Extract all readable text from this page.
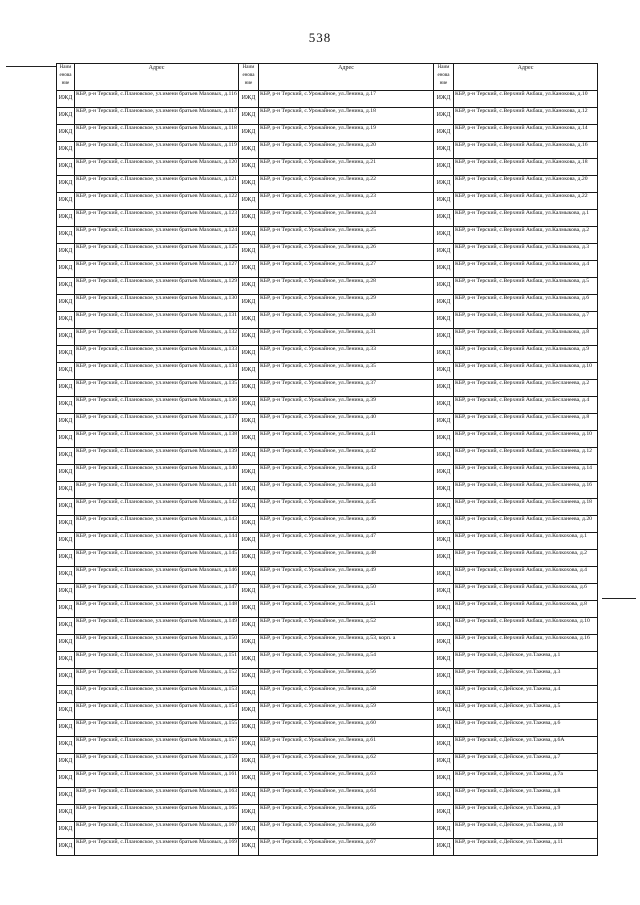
538
Наим енова ние	Адрес	Наим енова ние	Адрес	Наим енова ние	Адрес
ИЖД	КБР, р-н Терский, с.Плановское, ул.имени братьев Маховых, д.116	ИЖД	КБР, р-н Терский, с.Урожайное, ул.Ленина, д.17	ИЖД	КБР, р-н Терский, с.Верхний Акбаш, ул.Канокова, д.10
ИЖД	КБР, р-н Терский, с.Плановское, ул.имени братьев Маховых, д.117	ИЖД	КБР, р-н Терский, с.Урожайное, ул.Ленина, д.18	ИЖД	КБР, р-н Терский, с.Верхний Акбаш, ул.Канокова, д.12
ИЖД	КБР, р-н Терский, с.Плановское, ул.имени братьев Маховых, д.118	ИЖД	КБР, р-н Терский, с.Урожайное, ул.Ленина, д.19	ИЖД	КБР, р-н Терский, с.Верхний Акбаш, ул.Канокова, д.14
ИЖД	КБР, р-н Терский, с.Плановское, ул.имени братьев Маховых, д.119	ИЖД	КБР, р-н Терский, с.Урожайное, ул.Ленина, д.20	ИЖД	КБР, р-н Терский, с.Верхний Акбаш, ул.Канокова, д.16
ИЖД	КБР, р-н Терский, с.Плановское, ул.имени братьев Маховых, д.120	ИЖД	КБР, р-н Терский, с.Урожайное, ул.Ленина, д.21	ИЖД	КБР, р-н Терский, с.Верхний Акбаш, ул.Канокова, д.18
ИЖД	КБР, р-н Терский, с.Плановское, ул.имени братьев Маховых, д.121	ИЖД	КБР, р-н Терский, с.Урожайное, ул.Ленина, д.22	ИЖД	КБР, р-н Терский, с.Верхний Акбаш, ул.Канокова, д.20
ИЖД	КБР, р-н Терский, с.Плановское, ул.имени братьев Маховых, д.122	ИЖД	КБР, р-н Терский, с.Урожайное, ул.Ленина, д.23	ИЖД	КБР, р-н Терский, с.Верхний Акбаш, ул.Канокова, д.22
ИЖД	КБР, р-н Терский, с.Плановское, ул.имени братьев Маховых, д.123	ИЖД	КБР, р-н Терский, с.Урожайное, ул.Ленина, д.24	ИЖД	КБР, р-н Терский, с.Верхний Акбаш, ул.Калмыкова, д.1
ИЖД	КБР, р-н Терский, с.Плановское, ул.имени братьев Маховых, д.124	ИЖД	КБР, р-н Терский, с.Урожайное, ул.Ленина, д.25	ИЖД	КБР, р-н Терский, с.Верхний Акбаш, ул.Калмыкова, д.2
ИЖД	КБР, р-н Терский, с.Плановское, ул.имени братьев Маховых, д.125	ИЖД	КБР, р-н Терский, с.Урожайное, ул.Ленина, д.26	ИЖД	КБР, р-н Терский, с.Верхний Акбаш, ул.Калмыкова, д.3
ИЖД	КБР, р-н Терский, с.Плановское, ул.имени братьев Маховых, д.127	ИЖД	КБР, р-н Терский, с.Урожайное, ул.Ленина, д.27	ИЖД	КБР, р-н Терский, с.Верхний Акбаш, ул.Калмыкова, д.4
ИЖД	КБР, р-н Терский, с.Плановское, ул.имени братьев Маховых, д.129	ИЖД	КБР, р-н Терский, с.Урожайное, ул.Ленина, д.28	ИЖД	КБР, р-н Терский, с.Верхний Акбаш, ул.Калмыкова, д.5
ИЖД	КБР, р-н Терский, с.Плановское, ул.имени братьев Маховых, д.130	ИЖД	КБР, р-н Терский, с.Урожайное, ул.Ленина, д.29	ИЖД	КБР, р-н Терский, с.Верхний Акбаш, ул.Калмыкова, д.6
ИЖД	КБР, р-н Терский, с.Плановское, ул.имени братьев Маховых, д.131	ИЖД	КБР, р-н Терский, с.Урожайное, ул.Ленина, д.30	ИЖД	КБР, р-н Терский, с.Верхний Акбаш, ул.Калмыкова, д.7
ИЖД	КБР, р-н Терский, с.Плановское, ул.имени братьев Маховых, д.132	ИЖД	КБР, р-н Терский, с.Урожайное, ул.Ленина, д.31	ИЖД	КБР, р-н Терский, с.Верхний Акбаш, ул.Калмыкова, д.8
ИЖД	КБР, р-н Терский, с.Плановское, ул.имени братьев Маховых, д.133	ИЖД	КБР, р-н Терский, с.Урожайное, ул.Ленина, д.33	ИЖД	КБР, р-н Терский, с.Верхний Акбаш, ул.Калмыкова, д.9
ИЖД	КБР, р-н Терский, с.Плановское, ул.имени братьев Маховых, д.134	ИЖД	КБР, р-н Терский, с.Урожайное, ул.Ленина, д.35	ИЖД	КБР, р-н Терский, с.Верхний Акбаш, ул.Калмыкова, д.10
ИЖД	КБР, р-н Терский, с.Плановское, ул.имени братьев Маховых, д.135	ИЖД	КБР, р-н Терский, с.Урожайное, ул.Ленина, д.37	ИЖД	КБР, р-н Терский, с.Верхний Акбаш, ул.Бесланеева, д.2
ИЖД	КБР, р-н Терский, с.Плановское, ул.имени братьев Маховых, д.136	ИЖД	КБР, р-н Терский, с.Урожайное, ул.Ленина, д.39	ИЖД	КБР, р-н Терский, с.Верхний Акбаш, ул.Бесланеева, д.4
ИЖД	КБР, р-н Терский, с.Плановское, ул.имени братьев Маховых, д.137	ИЖД	КБР, р-н Терский, с.Урожайное, ул.Ленина, д.40	ИЖД	КБР, р-н Терский, с.Верхний Акбаш, ул.Бесланеева, д.8
ИЖД	КБР, р-н Терский, с.Плановское, ул.имени братьев Маховых, д.138	ИЖД	КБР, р-н Терский, с.Урожайное, ул.Ленина, д.41	ИЖД	КБР, р-н Терский, с.Верхний Акбаш, ул.Бесланеева, д.10
ИЖД	КБР, р-н Терский, с.Плановское, ул.имени братьев Маховых, д.139	ИЖД	КБР, р-н Терский, с.Урожайное, ул.Ленина, д.42	ИЖД	КБР, р-н Терский, с.Верхний Акбаш, ул.Бесланеева, д.12
ИЖД	КБР, р-н Терский, с.Плановское, ул.имени братьев Маховых, д.140	ИЖД	КБР, р-н Терский, с.Урожайное, ул.Ленина, д.43	ИЖД	КБР, р-н Терский, с.Верхний Акбаш, ул.Бесланеева, д.14
ИЖД	КБР, р-н Терский, с.Плановское, ул.имени братьев Маховых, д.141	ИЖД	КБР, р-н Терский, с.Урожайное, ул.Ленина, д.44	ИЖД	КБР, р-н Терский, с.Верхний Акбаш, ул.Бесланеева, д.16
ИЖД	КБР, р-н Терский, с.Плановское, ул.имени братьев Маховых, д.142	ИЖД	КБР, р-н Терский, с.Урожайное, ул.Ленина, д.45	ИЖД	КБР, р-н Терский, с.Верхний Акбаш, ул.Бесланеева, д.18
ИЖД	КБР, р-н Терский, с.Плановское, ул.имени братьев Маховых, д.143	ИЖД	КБР, р-н Терский, с.Урожайное, ул.Ленина, д.46	ИЖД	КБР, р-н Терский, с.Верхний Акбаш, ул.Бесланеева, д.20
ИЖД	КБР, р-н Терский, с.Плановское, ул.имени братьев Маховых, д.144	ИЖД	КБР, р-н Терский, с.Урожайное, ул.Ленина, д.47	ИЖД	КБР, р-н Терский, с.Верхний Акбаш, ул.Колкохова, д.1
ИЖД	КБР, р-н Терский, с.Плановское, ул.имени братьев Маховых, д.145	ИЖД	КБР, р-н Терский, с.Урожайное, ул.Ленина, д.48	ИЖД	КБР, р-н Терский, с.Верхний Акбаш, ул.Колкохова, д.2
ИЖД	КБР, р-н Терский, с.Плановское, ул.имени братьев Маховых, д.146	ИЖД	КБР, р-н Терский, с.Урожайное, ул.Ленина, д.49	ИЖД	КБР, р-н Терский, с.Верхний Акбаш, ул.Колкохова, д.4
ИЖД	КБР, р-н Терский, с.Плановское, ул.имени братьев Маховых, д.147	ИЖД	КБР, р-н Терский, с.Урожайное, ул.Ленина, д.50	ИЖД	КБР, р-н Терский, с.Верхний Акбаш, ул.Колкохова, д.6
ИЖД	КБР, р-н Терский, с.Плановское, ул.имени братьев Маховых, д.148	ИЖД	КБР, р-н Терский, с.Урожайное, ул.Ленина, д.51	ИЖД	КБР, р-н Терский, с.Верхний Акбаш, ул.Колкохова, д.8
ИЖД	КБР, р-н Терский, с.Плановское, ул.имени братьев Маховых, д.149	ИЖД	КБР, р-н Терский, с.Урожайное, ул.Ленина, д.52	ИЖД	КБР, р-н Терский, с.Верхний Акбаш, ул.Колкохова, д.10
ИЖД	КБР, р-н Терский, с.Плановское, ул.имени братьев Маховых, д.150	ИЖД	КБР, р-н Терский, с.Урожайное, ул.Ленина, д.53, корп. а	ИЖД	КБР, р-н Терский, с.Верхний Акбаш, ул.Колкохова, д.16
ИЖД	КБР, р-н Терский, с.Плановское, ул.имени братьев Маховых, д.151	ИЖД	КБР, р-н Терский, с.Урожайное, ул.Ленина, д.54	ИЖД	КБР, р-н Терский, с.Дейское, ул.Тажева, д.1
ИЖД	КБР, р-н Терский, с.Плановское, ул.имени братьев Маховых, д.152	ИЖД	КБР, р-н Терский, с.Урожайное, ул.Ленина, д.56	ИЖД	КБР, р-н Терский, с.Дейское, ул.Тажева, д.3
ИЖД	КБР, р-н Терский, с.Плановское, ул.имени братьев Маховых, д.153	ИЖД	КБР, р-н Терский, с.Урожайное, ул.Ленина, д.58	ИЖД	КБР, р-н Терский, с.Дейское, ул.Тажева, д.4
ИЖД	КБР, р-н Терский, с.Плановское, ул.имени братьев Маховых, д.154	ИЖД	КБР, р-н Терский, с.Урожайное, ул.Ленина, д.59	ИЖД	КБР, р-н Терский, с.Дейское, ул.Тажева, д.5
ИЖД	КБР, р-н Терский, с.Плановское, ул.имени братьев Маховых, д.155	ИЖД	КБР, р-н Терский, с.Урожайное, ул.Ленина, д.60	ИЖД	КБР, р-н Терский, с.Дейское, ул.Тажева, д.6
ИЖД	КБР, р-н Терский, с.Плановское, ул.имени братьев Маховых, д.157	ИЖД	КБР, р-н Терский, с.Урожайное, ул.Ленина, д.61	ИЖД	КБР, р-н Терский, с.Дейское, ул.Тажева, д.6А
ИЖД	КБР, р-н Терский, с.Плановское, ул.имени братьев Маховых, д.159	ИЖД	КБР, р-н Терский, с.Урожайное, ул.Ленина, д.62	ИЖД	КБР, р-н Терский, с.Дейское, ул.Тажева, д.7
ИЖД	КБР, р-н Терский, с.Плановское, ул.имени братьев Маховых, д.161	ИЖД	КБР, р-н Терский, с.Урожайное, ул.Ленина, д.63	ИЖД	КБР, р-н Терский, с.Дейское, ул.Тажева, д.7а
ИЖД	КБР, р-н Терский, с.Плановское, ул.имени братьев Маховых, д.163	ИЖД	КБР, р-н Терский, с.Урожайное, ул.Ленина, д.64	ИЖД	КБР, р-н Терский, с.Дейское, ул.Тажева, д.8
ИЖД	КБР, р-н Терский, с.Плановское, ул.имени братьев Маховых, д.165	ИЖД	КБР, р-н Терский, с.Урожайное, ул.Ленина, д.65	ИЖД	КБР, р-н Терский, с.Дейское, ул.Тажева, д.9
ИЖД	КБР, р-н Терский, с.Плановское, ул.имени братьев Маховых, д.167	ИЖД	КБР, р-н Терский, с.Урожайное, ул.Ленина, д.66	ИЖД	КБР, р-н Терский, с.Дейское, ул.Тажева, д.10
ИЖД	КБР, р-н Терский, с.Плановское, ул.имени братьев Маховых, д.169	ИЖД	КБР, р-н Терский, с.Урожайное, ул.Ленина, д.67	ИЖД	КБР, р-н Терский, с.Дейское, ул.Тажева, д.11
